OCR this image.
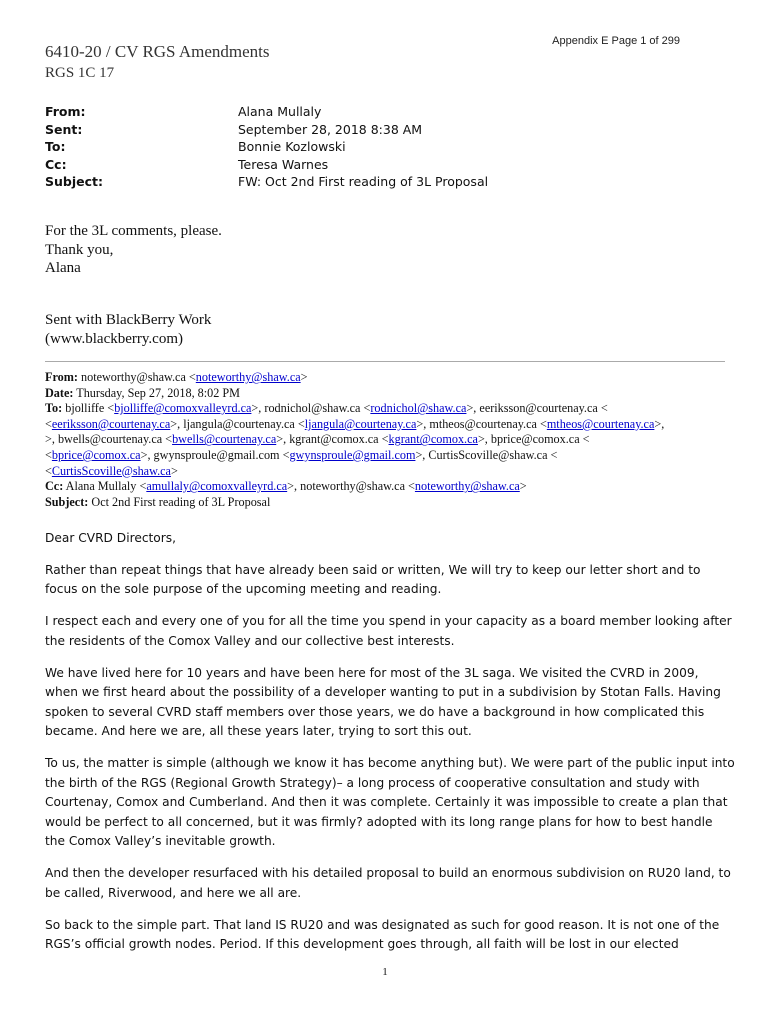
Appendix E Page 1 of 299
6410-20 / CV RGS Amendments
RGS 1C 17
From:	Alana Mullaly
Sent:	September 28, 2018 8:38 AM
To:	Bonnie Kozlowski
Cc:	Teresa Warnes
Subject:	FW: Oct 2nd First reading of 3L Proposal
For the 3L comments, please.
Thank you,
Alana
Sent with BlackBerry Work
(www.blackberry.com)
From: noteworthy@shaw.ca <noteworthy@shaw.ca>
Date: Thursday, Sep 27, 2018, 8:02 PM
To: bjolliffe <bjolliffe@comoxvalleyrd.ca>, rodnichol@shaw.ca <rodnichol@shaw.ca>, eeriksson@courtenay.ca <
<eeriksson@courtenay.ca>, ljangula@courtenay.ca <ljangula@courtenay.ca>, mtheos@courtenay.ca <mtheos@courtenay.ca>,
>, bwells@courtenay.ca <bwells@courtenay.ca>, kgrant@comox.ca <kgrant@comox.ca>, bprice@comox.ca <
<bprice@comox.ca>, gwynsproule@gmail.com <gwynsproule@gmail.com>, CurtisScoville@shaw.ca <
<CurtisScoville@shaw.ca>
Cc: Alana Mullaly <amullaly@comoxvalleyrd.ca>, noteworthy@shaw.ca <noteworthy@shaw.ca>
Subject: Oct 2nd First reading of 3L Proposal

Dear CVRD Directors,

Rather than repeat things that have already been said or written, We will try to keep our letter short and to focus on the sole purpose of the upcoming meeting and reading.

I respect each and every one of you for all the time you spend in your capacity as a board member looking after the residents of the Comox Valley and our collective best interests.

We have lived here for 10 years and have been here for most of the 3L saga. We visited the CVRD in 2009, when we first heard about the possibility of a developer wanting to put in a subdivision by Stotan Falls. Having spoken to several CVRD staff members over those years, we do have a background in how complicated this became. And here we are, all these years later, trying to sort this out.

To us, the matter is simple (although we know it has become anything but). We were part of the public input into the birth of the RGS (Regional Growth Strategy)– a long process of cooperative consultation and study with Courtenay, Comox and Cumberland. And then it was complete. Certainly it was impossible to create a plan that would be perfect to all concerned, but it was firmly? adopted with its long range plans for how to best handle the Comox Valley’s inevitable growth.

And then the developer resurfaced with his detailed proposal to build an enormous subdivision on RU20 land, to be called, Riverwood, and here we all are.

So back to the simple part. That land IS RU20 and was designated as such for good reason. It is not one of the RGS’s official growth nodes. Period. If this development goes through, all faith will be lost in our elected

1
